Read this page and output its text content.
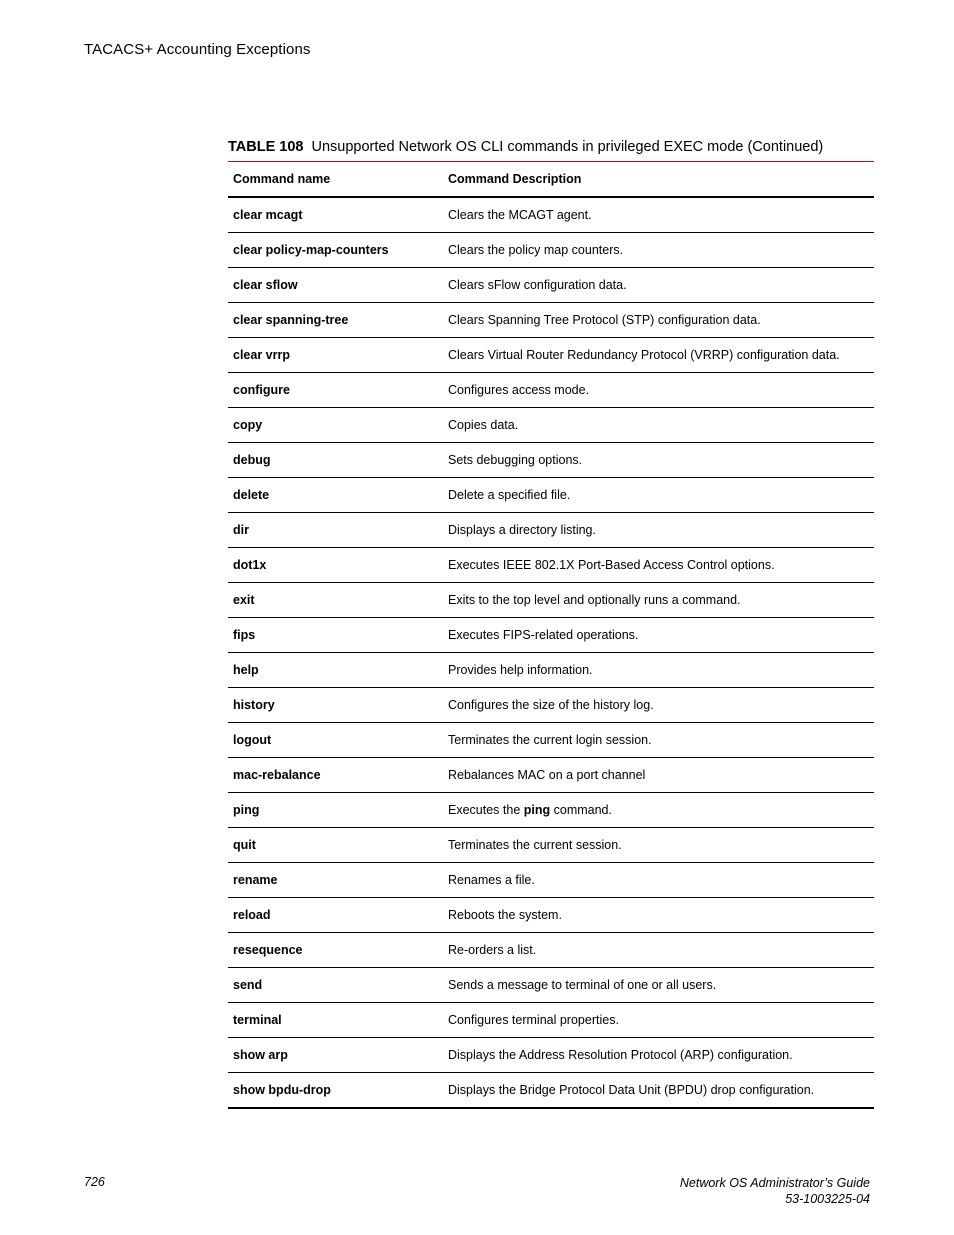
TACACS+ Accounting Exceptions
TABLE 108 Unsupported Network OS CLI commands in privileged EXEC mode (Continued)
Command name	Command Description
clear mcagt	Clears the MCAGT agent.
clear policy-map-counters	Clears the policy map counters.
clear sflow	Clears sFlow configuration data.
clear spanning-tree	Clears Spanning Tree Protocol (STP) configuration data.
clear vrrp	Clears Virtual Router Redundancy Protocol (VRRP) configuration data.
configure	Configures access mode.
copy	Copies data.
debug	Sets debugging options.
delete	Delete a specified file.
dir	Displays a directory listing.
dot1x	Executes IEEE 802.1X Port-Based Access Control options.
exit	Exits to the top level and optionally runs a command.
fips	Executes FIPS-related operations.
help	Provides help information.
history	Configures the size of the history log.
logout	Terminates the current login session.
mac-rebalance	Rebalances MAC on a port channel
ping	Executes the ping command.
quit	Terminates the current session.
rename	Renames a file.
reload	Reboots the system.
resequence	Re-orders a list.
send	Sends a message to terminal of one or all users.
terminal	Configures terminal properties.
show arp	Displays the Address Resolution Protocol (ARP) configuration.
show bpdu-drop	Displays the Bridge Protocol Data Unit (BPDU) drop configuration.
726	Network OS Administrator’s Guide
53-1003225-04
